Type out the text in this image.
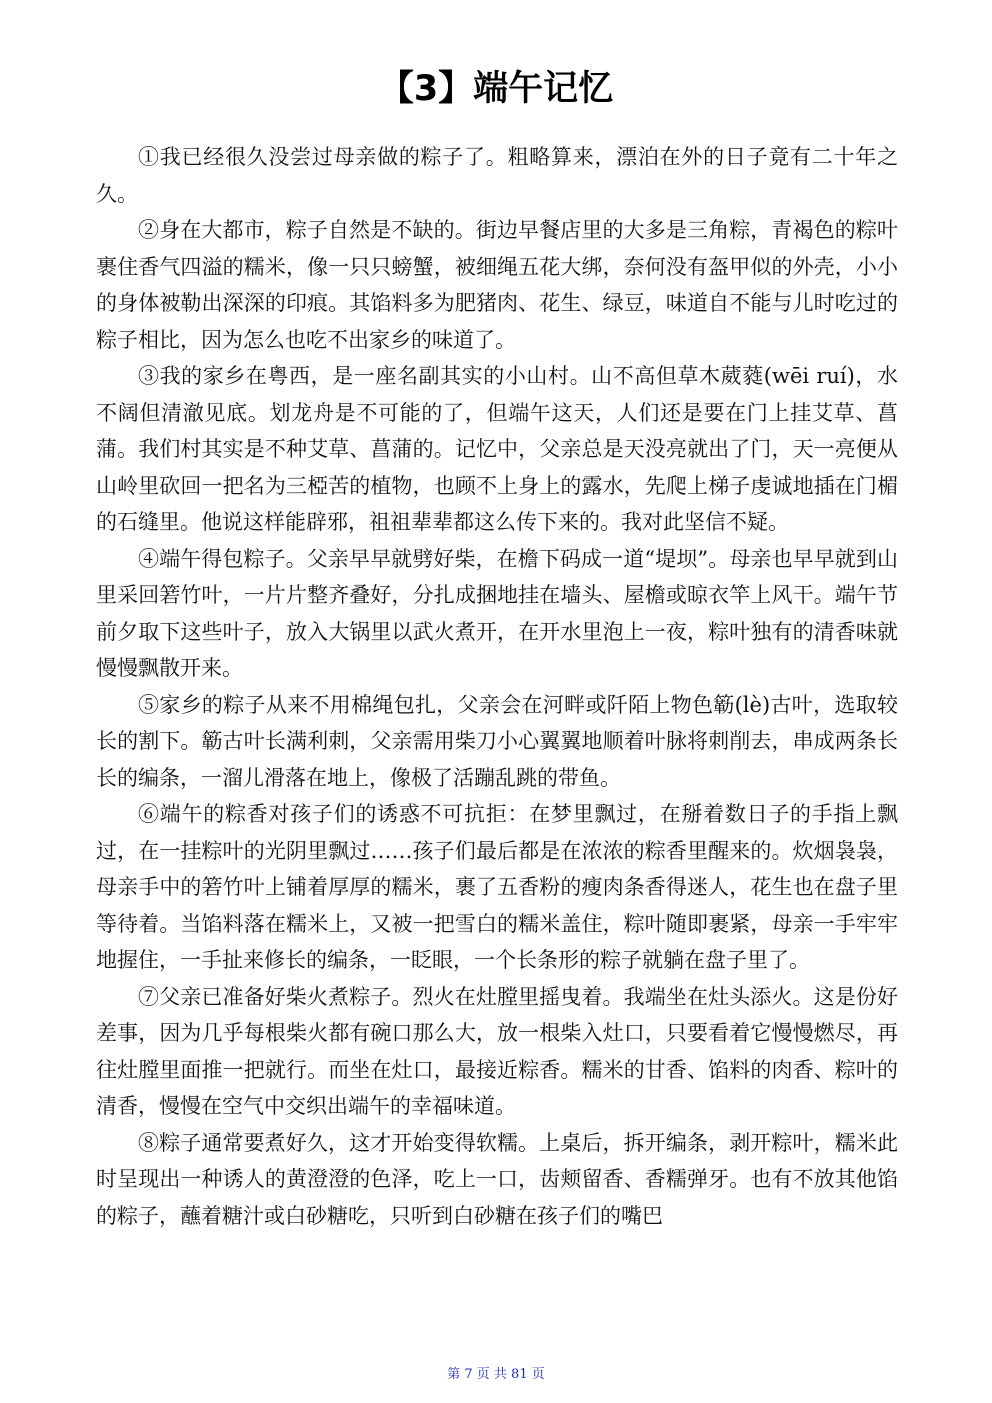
【3】端午记忆

①我已经很久没尝过母亲做的粽子了。粗略算来，漂泊在外的日子竟有二十年之久。

②身在大都市，粽子自然是不缺的。街边早餐店里的大多是三角粽，青褐色的粽叶裹住香气四溢的糯米，像一只只螃蟹，被细绳五花大绑，奈何没有盔甲似的外壳，小小的身体被勒出深深的印痕。其馅料多为肥猪肉、花生、绿豆，味道自不能与儿时吃过的粽子相比，因为怎么也吃不出家乡的味道了。

③我的家乡在粤西，是一座名副其实的小山村。山不高但草木葳蕤(wēi ruí)，水不阔但清澈见底。划龙舟是不可能的了，但端午这天，人们还是要在门上挂艾草、菖蒲。我们村其实是不种艾草、菖蒲的。记忆中，父亲总是天没亮就出了门，天一亮便从山岭里砍回一把名为三椏苦的植物，也顾不上身上的露水，先爬上梯子虔诚地插在门楣的石缝里。他说这样能辟邪，祖祖辈辈都这么传下来的。我对此坚信不疑。

④端午得包粽子。父亲早早就劈好柴，在檐下码成一道“堤坝”。母亲也早早就到山里采回箬竹叶，一片片整齐叠好，分扎成捆地挂在墙头、屋檐或晾衣竿上风干。端午节前夕取下这些叶子，放入大锅里以武火煮开，在开水里泡上一夜，粽叶独有的清香味就慢慢飘散开来。

⑤家乡的粽子从来不用棉绳包扎，父亲会在河畔或阡陌上物色簕(lè)古叶，选取较长的割下。簕古叶长满利刺，父亲需用柴刀小心翼翼地顺着叶脉将刺削去，串成两条长长的编条，一溜儿滑落在地上，像极了活蹦乱跳的带鱼。

⑥端午的粽香对孩子们的诱惑不可抗拒：在梦里飘过，在掰着数日子的手指上飘过，在一挂粽叶的光阴里飘过……孩子们最后都是在浓浓的粽香里醒来的。炊烟袅袅，母亲手中的箬竹叶上铺着厚厚的糯米，裹了五香粉的瘦肉条香得迷人，花生也在盘子里等待着。当馅料落在糯米上，又被一把雪白的糯米盖住，粽叶随即裹紧，母亲一手牢牢地握住，一手扯来修长的编条，一眨眼，一个长条形的粽子就躺在盘子里了。

⑦父亲已准备好柴火煮粽子。烈火在灶膛里摇曳着。我端坐在灶头添火。这是份好差事，因为几乎每根柴火都有碗口那么大，放一根柴入灶口，只要看着它慢慢燃尽，再往灶膛里面推一把就行。而坐在灶口，最接近粽香。糯米的甘香、馅料的肉香、粽叶的清香，慢慢在空气中交织出端午的幸福味道。

⑧粽子通常要煮好久，这才开始变得软糯。上桌后，拆开编条，剥开粽叶，糯米此时呈现出一种诱人的黄澄澄的色泽，吃上一口，齿颊留香、香糯弹牙。也有不放其他馅的粽子，蘸着糖汁或白砂糖吃，只听到白砂糖在孩子们的嘴巴

第 7 页 共 81 页
